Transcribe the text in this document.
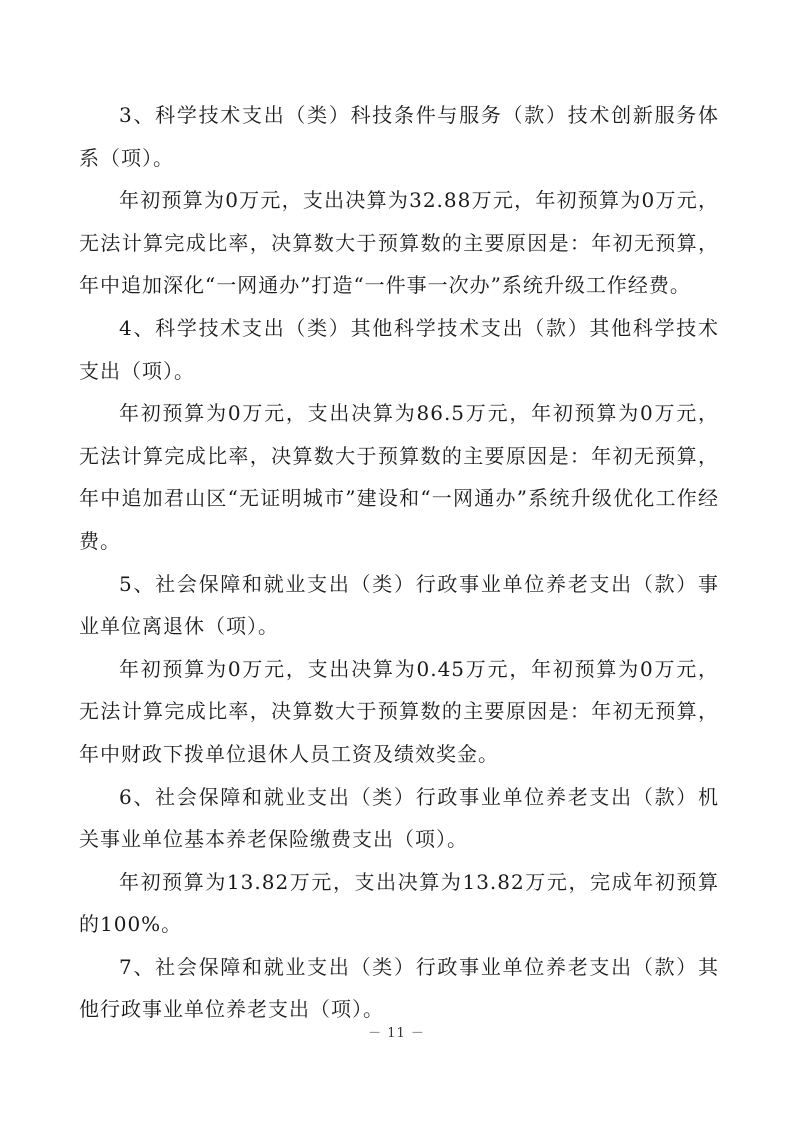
3、科学技术支出（类）科技条件与服务（款）技术创新服务体系（项）。

年初预算为0万元，支出决算为32.88万元，年初预算为0万元，无法计算完成比率，决算数大于预算数的主要原因是：年初无预算，年中追加深化“一网通办”打造“一件事一次办”系统升级工作经费。

4、科学技术支出（类）其他科学技术支出（款）其他科学技术支出（项）。

年初预算为0万元，支出决算为86.5万元，年初预算为0万元，无法计算完成比率，决算数大于预算数的主要原因是：年初无预算，年中追加君山区“无证明城市”建设和“一网通办”系统升级优化工作经费。

5、社会保障和就业支出（类）行政事业单位养老支出（款）事业单位离退休（项）。

年初预算为0万元，支出决算为0.45万元，年初预算为0万元，无法计算完成比率，决算数大于预算数的主要原因是：年初无预算，年中财政下拨单位退休人员工资及绩效奖金。

6、社会保障和就业支出（类）行政事业单位养老支出（款）机关事业单位基本养老保险缴费支出（项）。

年初预算为13.82万元，支出决算为13.82万元，完成年初预算的100%。

7、社会保障和就业支出（类）行政事业单位养老支出（款）其他行政事业单位养老支出（项）。

－ 11 －
